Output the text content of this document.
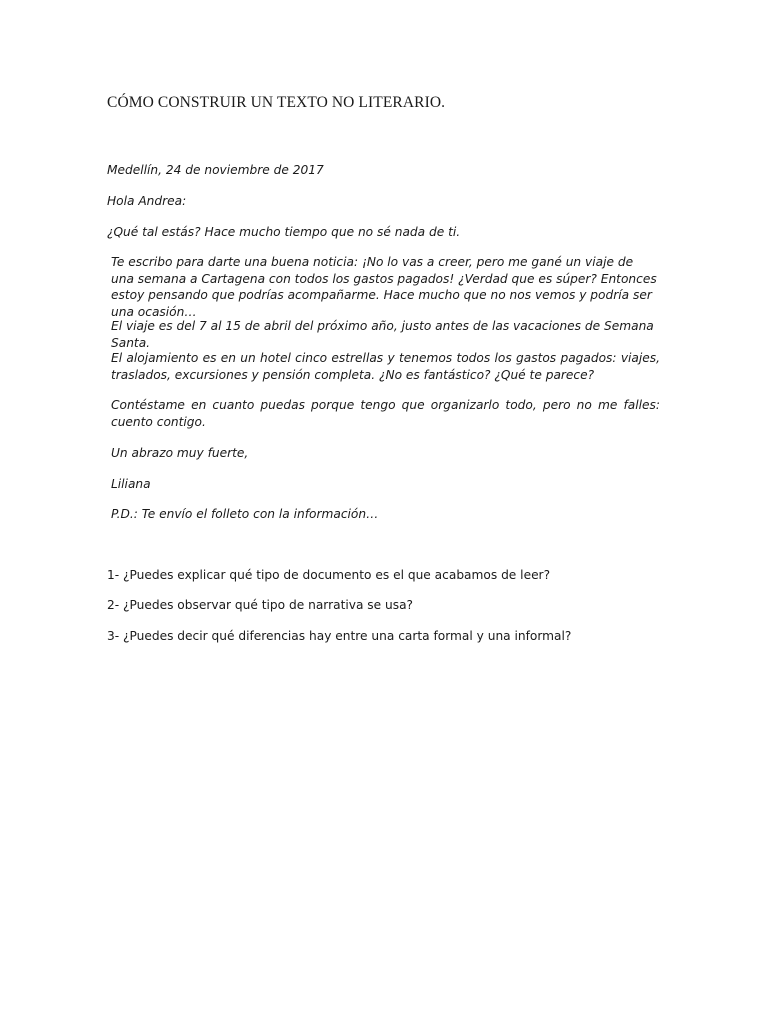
CÓMO CONSTRUIR UN TEXTO NO LITERARIO.
Medellín, 24 de noviembre de 2017
Hola Andrea:
¿Qué tal estás? Hace mucho tiempo que no sé nada de ti.
Te escribo para darte una buena noticia: ¡No lo vas a creer, pero me gané un viaje de una semana a Cartagena con todos los gastos pagados! ¿Verdad que es súper? Entonces estoy pensando que podrías acompañarme. Hace mucho que no nos vemos y podría ser una ocasión…
El viaje es del 7 al 15 de abril del próximo año, justo antes de las vacaciones de Semana Santa.
El alojamiento es en un hotel cinco estrellas y tenemos todos los gastos pagados: viajes, traslados, excursiones y pensión completa. ¿No es fantástico? ¿Qué te parece?
Contéstame en cuanto puedas porque tengo que organizarlo todo, pero no me falles: cuento contigo.
Un abrazo muy fuerte,
Liliana
P.D.: Te envío el folleto con la información…
1- ¿Puedes explicar qué tipo de documento es el que acabamos de leer?
2- ¿Puedes observar qué tipo de narrativa se usa?
3- ¿Puedes decir qué diferencias hay entre una carta formal y una informal?
